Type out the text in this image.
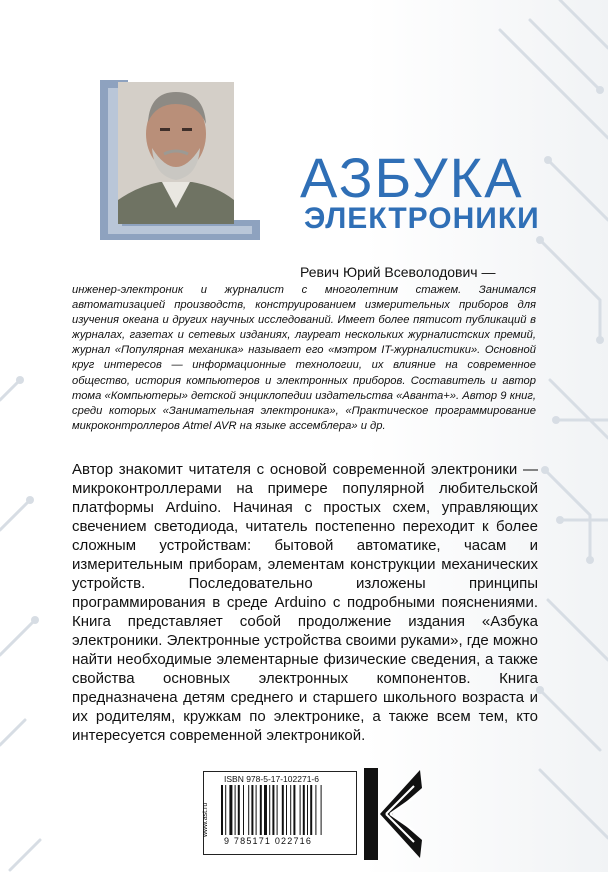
АЗБУКА
ЭЛЕКТРОНИКИ
Ревич Юрий Всеволодович —
инженер-электроник и журналист с многолетним стажем. Занимался автоматизацией производств, конструированием измерительных приборов для изучения океана и других научных исследований. Имеет более пятисот публикаций в журналах, газетах и сетевых изданиях, лауреат нескольких журналистских премий, журнал «Популярная механика» называет его «мэтром IT-журналистики». Основной круг интересов — информационные технологии, их влияние на современное общество, история компьютеров и электронных приборов. Составитель и автор тома «Компьютеры» детской энциклопедии издательства «Аванта+». Автор 9 книг, среди которых «Занимательная электроника», «Практическое программирование микроконтроллеров Atmel AVR на языке ассемблера» и др.
Автор знакомит читателя с основой современной электроники — микроконтроллерами на примере популярной любительской платформы Arduino. Начиная с простых схем, управляющих свечением светодиода, читатель постепенно переходит к более сложным устройствам: бытовой автоматике, часам и измерительным приборам, элементам конструкции механических устройств. Последовательно изложены принципы программирования в среде Arduino с подробными пояснениями. Книга представляет собой продолжение издания «Азбука электроники. Электронные устройства своими руками», где можно найти необходимые элементарные физические сведения, а также свойства основных электронных компонентов. Книга предназначена детям среднего и старшего школьного возраста и их родителям, кружкам по электронике, а также всем тем, кто интересуется современной электроникой.
www.ast.ru
ISBN 978-5-17-102271-6
9 785171 022716
